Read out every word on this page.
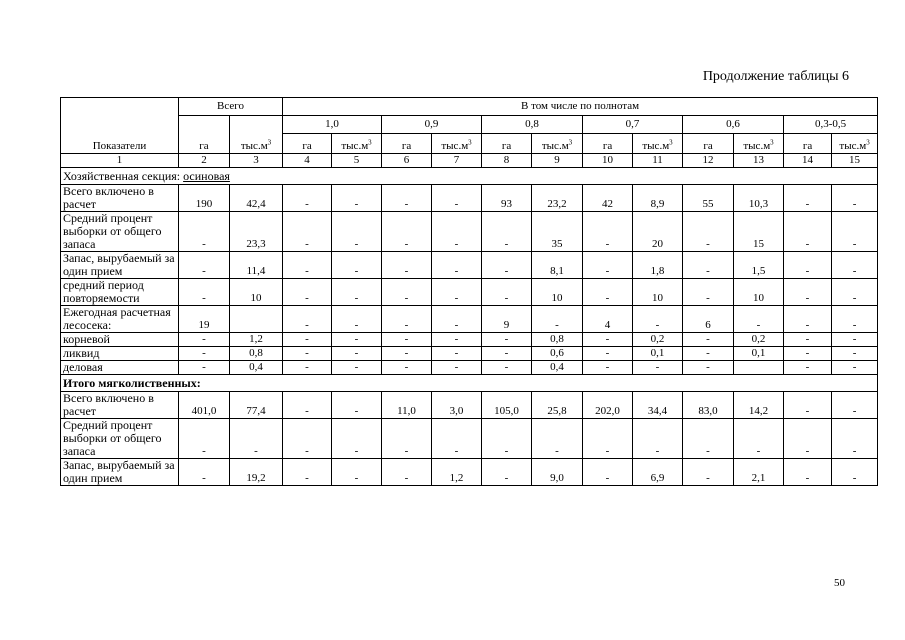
Продолжение таблицы 6
Показатели	Всего		В том числе по полнотам											
	га	$тыс.м^3$	1,0		0,9		0,8		0,7		0,6		0,3-0,5	
			га	$тыс.м^3$	га	$тыс.м^3$	га	$тыс.м^3$	га	$тыс.м^3$	га	$тыс.м^3$	га	$тыс.м^3$
1	2	3	4	5	6	7	8	9	10	11	12	13	14	15
Хозяйственная секция: осиновая														
Всего включено в расчет	190	42,4	-	-	-	-	93	23,2	42	8,9	55	10,3	-	-
Средний процент выборки от общего запаса	-	23,3	-	-	-	-	-	35	-	20	-	15	-	-
Запас, вырубаемый за один прием	-	11,4	-	-	-	-	-	8,1	-	1,8	-	1,5	-	-
средний период повторяемости	-	10	-	-	-	-	-	10	-	10	-	10	-	-
Ежегодная расчетная лесосека:	19		-	-	-	-	9	-	4	-	6	-	-	-
корневой	-	1,2	-	-	-	-	-	0,8	-	0,2	-	0,2	-	-
ликвид	-	0,8	-	-	-	-	-	0,6	-	0,1	-	0,1	-	-
деловая	-	0,4	-	-	-	-	-	0,4	-	-	-		-	-
Итого мягколиственных:														
Всего включено в расчет	401,0	77,4	-	-	11,0	3,0	105,0	25,8	202,0	34,4	83,0	14,2	-	-
Средний процент выборки от общего запаса	-	-	-	-	-	-	-	-	-	-	-	-	-	-
Запас, вырубаемый за один прием	-	19,2	-	-	-	1,2	-	9,0	-	6,9	-	2,1	-	-
50
